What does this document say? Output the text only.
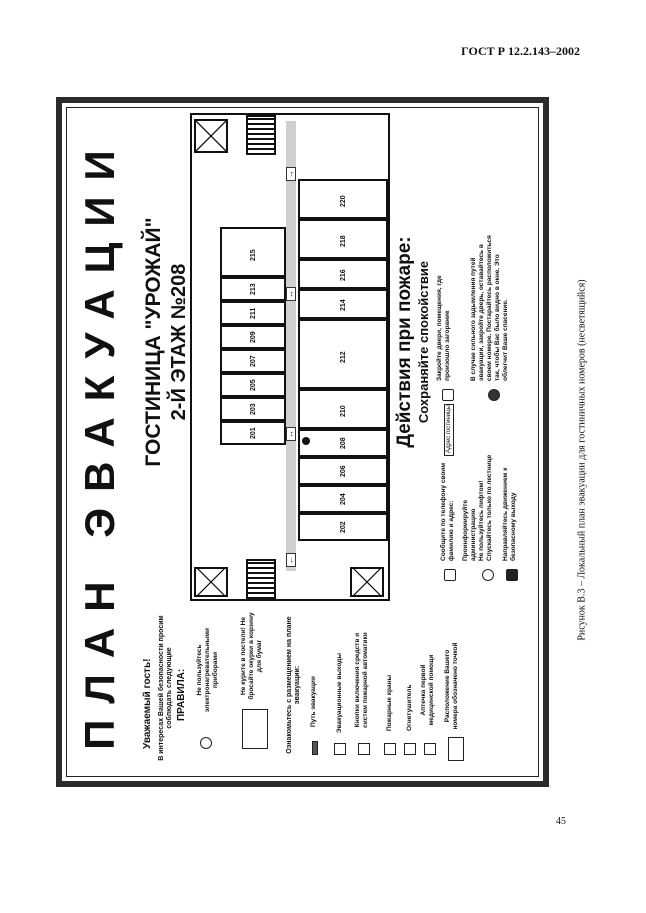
ГОСТ Р 12.2.143–2002
ПЛАН ЭВАКУАЦИИ ГОСТИНИЦА "УРОЖАЙ" 2-Й ЭТАЖ №208
Уважаемый гость! В интересах Вашей безопасности просим соблюдать следующие ПРАВИЛА: Не пользуйтесь электронагревательными приборами	Не курите в постели! Не бросайте окурки в корзину для бумаг	Ознакомьтесь с размещением на плане эвакуации: Путь эвакуации	Эвакуационные выходы Кнопки включения средств и систем пожарной автоматики	Пожарные краны Огнетушитель Аптечка первой медицинской помощи Расположение Вашего номера обозначено точкой
202
204
206
208
210
212
214
216
218
220
201
203
205
207
209
211
213
215
←
↔
↔
→
Действия при пожаре: Сохраняйте спокойствие
Сообщите по телефону своим фамилию и адрес:
Адрес гостиницы
Проинформируйте администрацию Не пользуйтесь лифтом! Спускайтесь только по лестнице Направляйтесь движением к безопасному выходу
Закройте двери, помещения, где произошло загорание	В случае сильного задымления путей эвакуации, закройте дверь, оставайтесь в своем номере. Постарайтесь расположиться так, чтобы Вас было видно в окне. Это облегчит Ваше спасение.	Рисунок В.3 – Локальный план эвакуации для гостиничных номеров (несветящийся)
45
